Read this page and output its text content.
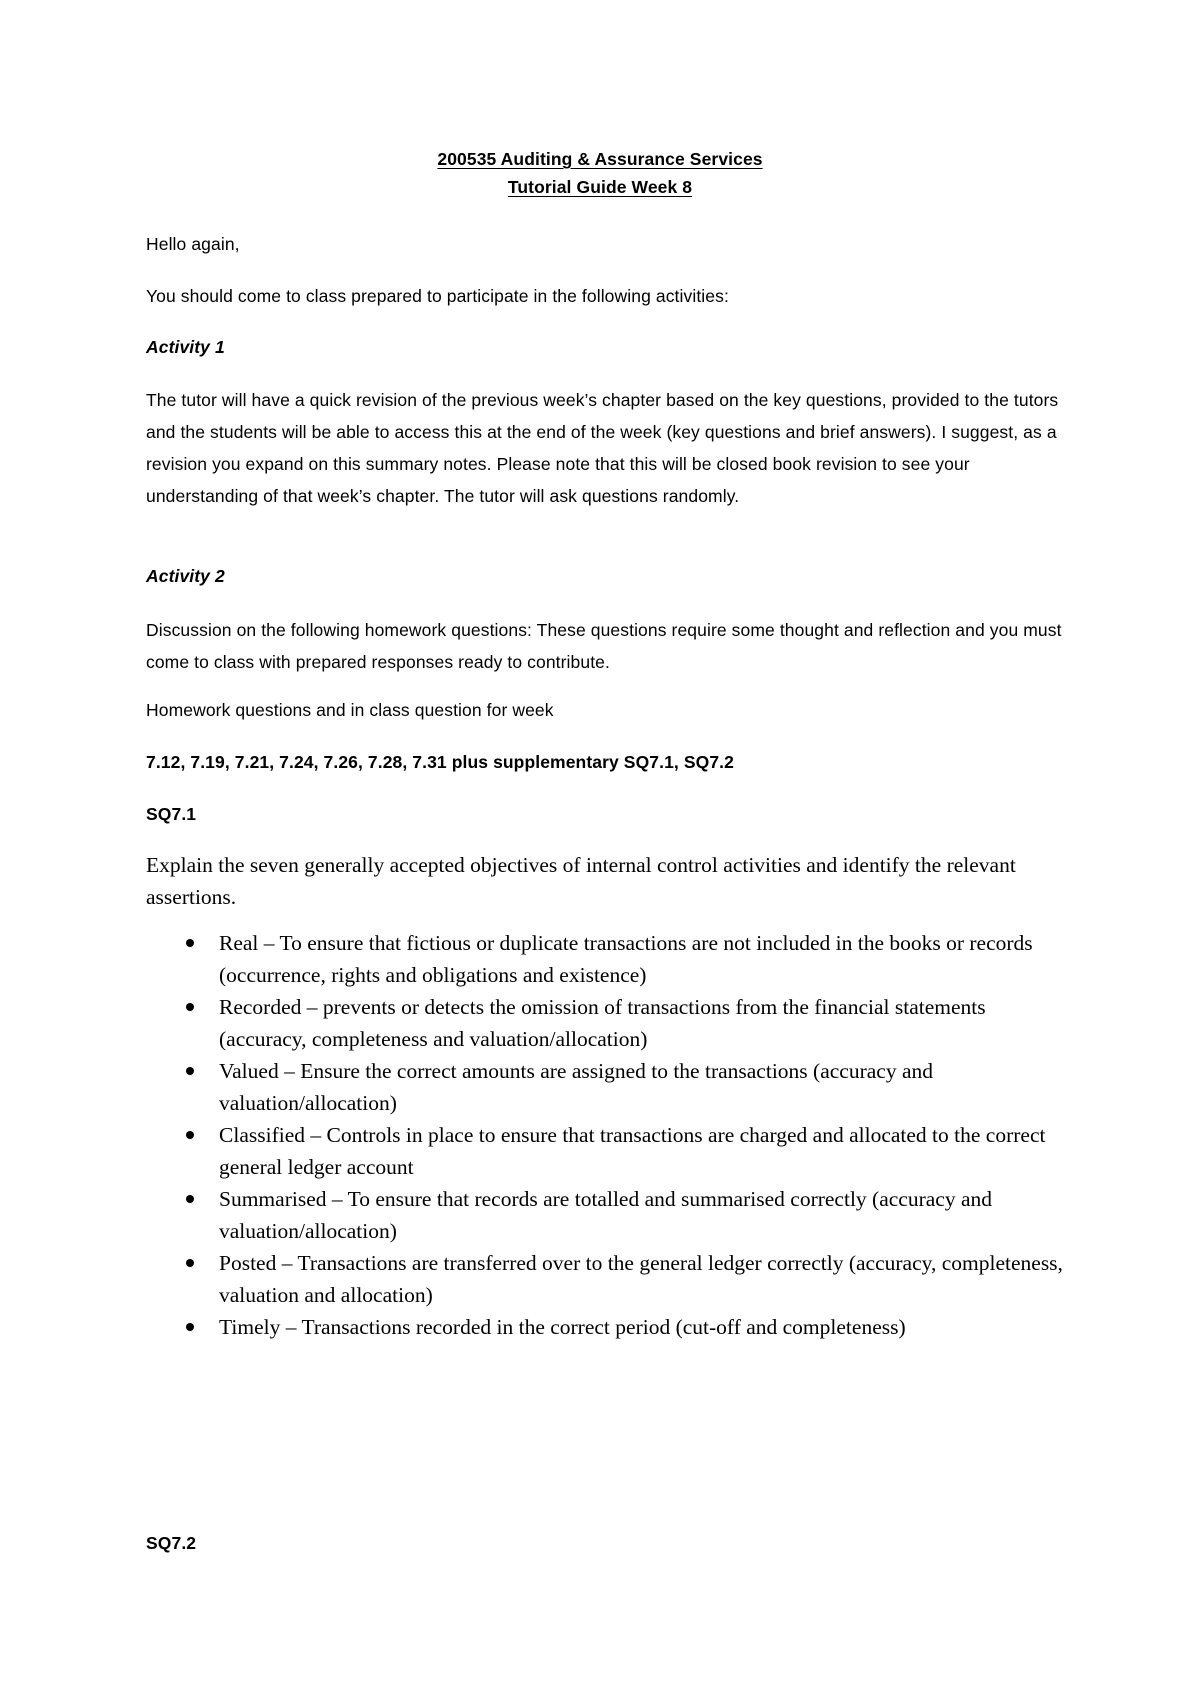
200535 Auditing & Assurance Services

Tutorial Guide Week 8

Hello again,

You should come to class prepared to participate in the following activities:

Activity 1

The tutor will have a quick revision of the previous week’s chapter based on the key questions, provided to the tutors and the students will be able to access this at the end of the week (key questions and brief answers). I suggest, as a revision you expand on this summary notes. Please note that this will be closed book revision to see your understanding of that week’s chapter. The tutor will ask questions randomly.

Activity 2

Discussion on the following homework questions: These questions require some thought and reflection and you must come to class with prepared responses ready to contribute.

Homework questions and in class question for week

7.12, 7.19, 7.21, 7.24, 7.26, 7.28, 7.31 plus supplementary SQ7.1, SQ7.2

SQ7.1

Explain the seven generally accepted objectives of internal control activities and identify the relevant assertions.

Real – To ensure that fictious or duplicate transactions are not included in the books or records (occurrence, rights and obligations and existence)
Recorded – prevents or detects the omission of transactions from the financial statements (accuracy, completeness and valuation/allocation)
Valued – Ensure the correct amounts are assigned to the transactions (accuracy and valuation/allocation)
Classified – Controls in place to ensure that transactions are charged and allocated to the correct general ledger account
Summarised – To ensure that records are totalled and summarised correctly (accuracy and valuation/allocation)
Posted – Transactions are transferred over to the general ledger correctly (accuracy, completeness, valuation and allocation)
Timely – Transactions recorded in the correct period (cut-off and completeness)

SQ7.2
